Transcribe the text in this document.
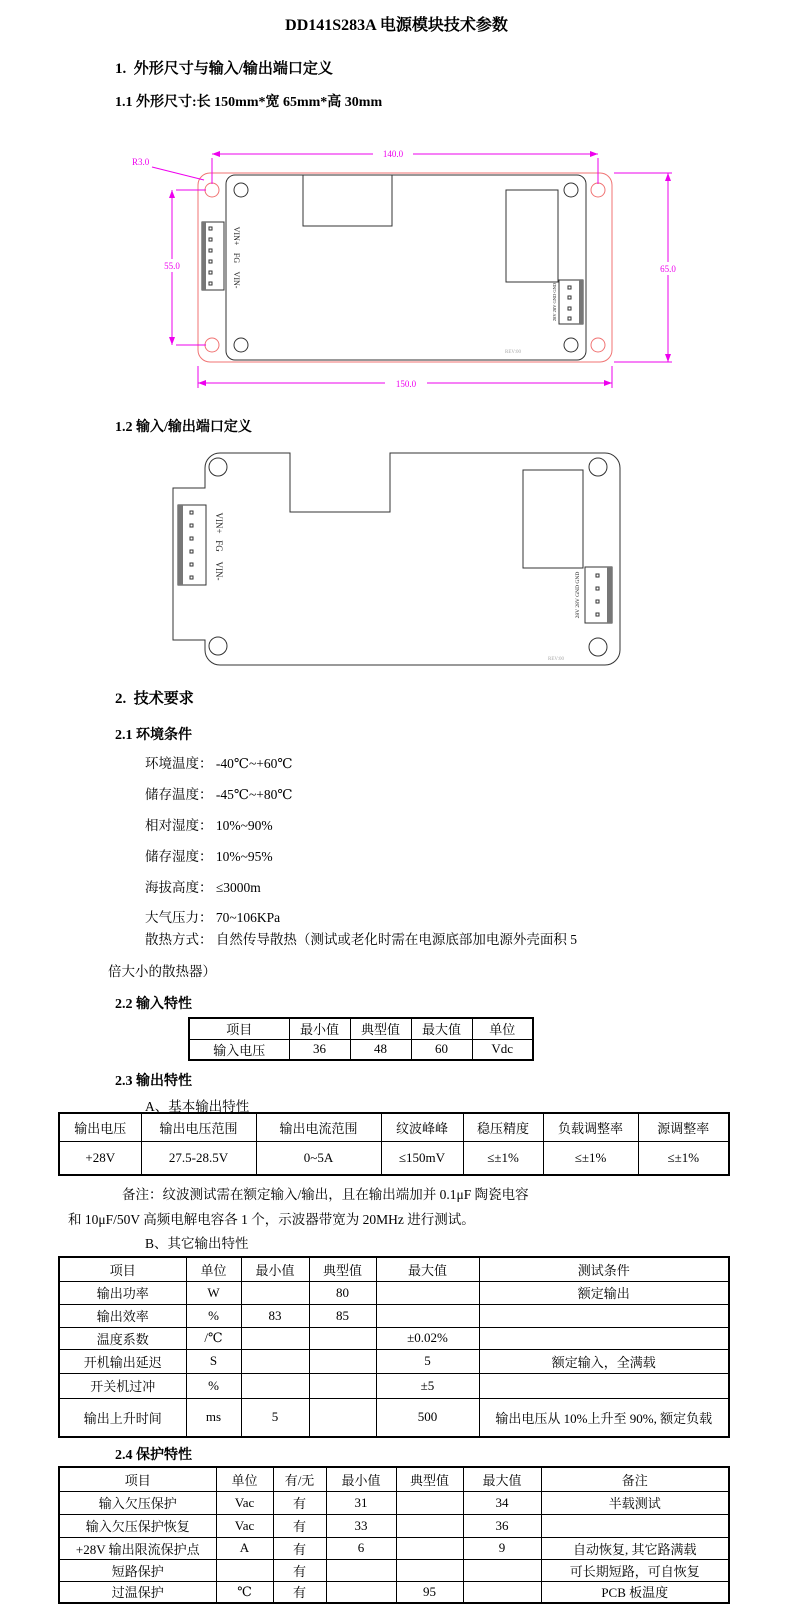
DD141S283A 电源模块技术参数
1.  外形尺寸与输入/输出端口定义
1.1 外形尺寸:长 150mm*宽 65mm*高 30mm
VIN+
FG
VIN-
28V 28V GND GND
REV:00
140.0
R3.0
55.0	65.0
150.0
1.2 输入/输出端口定义
VIN+
FG
VIN-
28V 28V GND GND
REV:00
2.  技术要求
2.1 环境条件
环境温度： -40℃~+60℃
储存温度： -45℃~+80℃
相对湿度： 10%~90%
储存湿度： 10%~95%
海拔高度： ≤3000m
大气压力： 70~106KPa
散热方式： 自然传导散热（测试或老化时需在电源底部加电源外壳面积 5
倍大小的散热器）
2.2 输入特性
项目	最小值	典型值	最大值	单位
输入电压	36	48	60	Vdc
2.3 输出特性
A、基本输出特性
输出电压	输出电压范围	输出电流范围	纹波峰峰	稳压精度	负载调整率	源调整率
+28V	27.5-28.5V	0~5A	≤150mV	≤±1%	≤±1%	≤±1%
备注：纹波测试需在额定输入/输出，且在输出端加并 0.1μF 陶瓷电容
和 10μF/50V 高频电解电容各 1 个，示波器带宽为 20MHz 进行测试。
B、其它输出特性
项目	单位	最小值	典型值	最大值	测试条件
输出功率	W		80		额定输出
输出效率	%	83	85		
温度系数	/℃			±0.02%	
开机输出延迟	S			5	额定输入，全满载
开关机过冲	%			±5	
输出上升时间	ms	5		500	输出电压从 10%上升至 90%, 额定负载
2.4 保护特性
项目	单位	有/无	最小值	典型值	最大值	备注
输入欠压保护	Vac	有	31		34	半载测试
输入欠压保护恢复	Vac	有	33		36	
+28V 输出限流保护点	A	有	6		9	自动恢复, 其它路满载
短路保护		有				可长期短路，可自恢复
过温保护	℃	有		95		PCB 板温度
